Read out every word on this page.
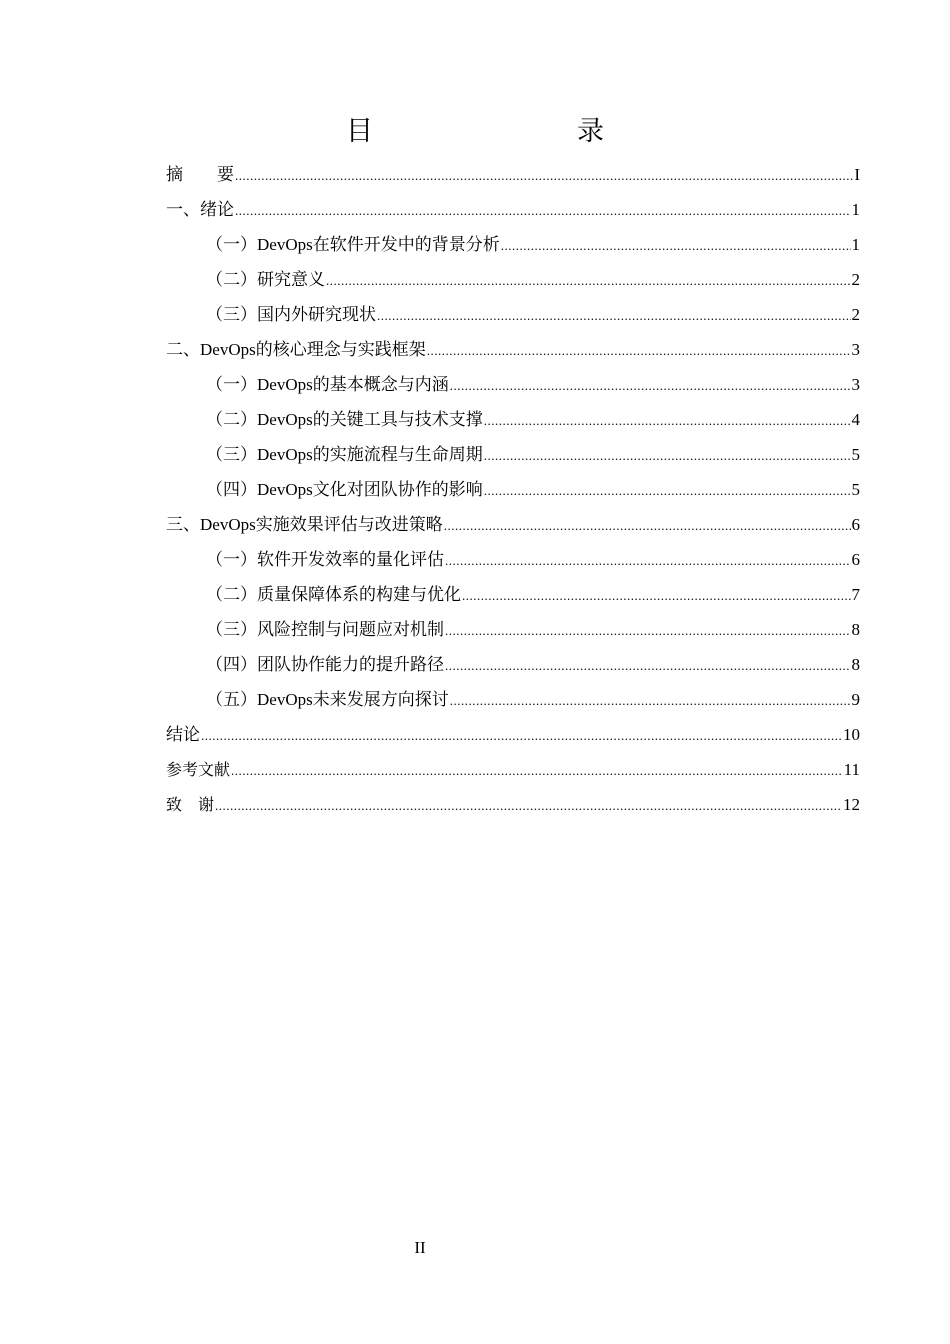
目　　录
摘　　要 .....	I
一、绪论 .....	1
（一）DevOps在软件开发中的背景分析 .....	1
（二）研究意义 .....	2
（三）国内外研究现状 .....	2
二、DevOps的核心理念与实践框架 .....	3
（一）DevOps的基本概念与内涵 .....	3
（二）DevOps的关键工具与技术支撑 .....	4
（三）DevOps的实施流程与生命周期 .....	5
（四）DevOps文化对团队协作的影响 .....	5
三、DevOps实施效果评估与改进策略 .....	6
（一）软件开发效率的量化评估 .....	6
（二）质量保障体系的构建与优化 .....	7
（三）风险控制与问题应对机制 .....	8
（四）团队协作能力的提升路径 .....	8
（五）DevOps未来发展方向探讨 .....	9
结论 .....	10
参考文献 .....	11
致　谢 .....	12
II
